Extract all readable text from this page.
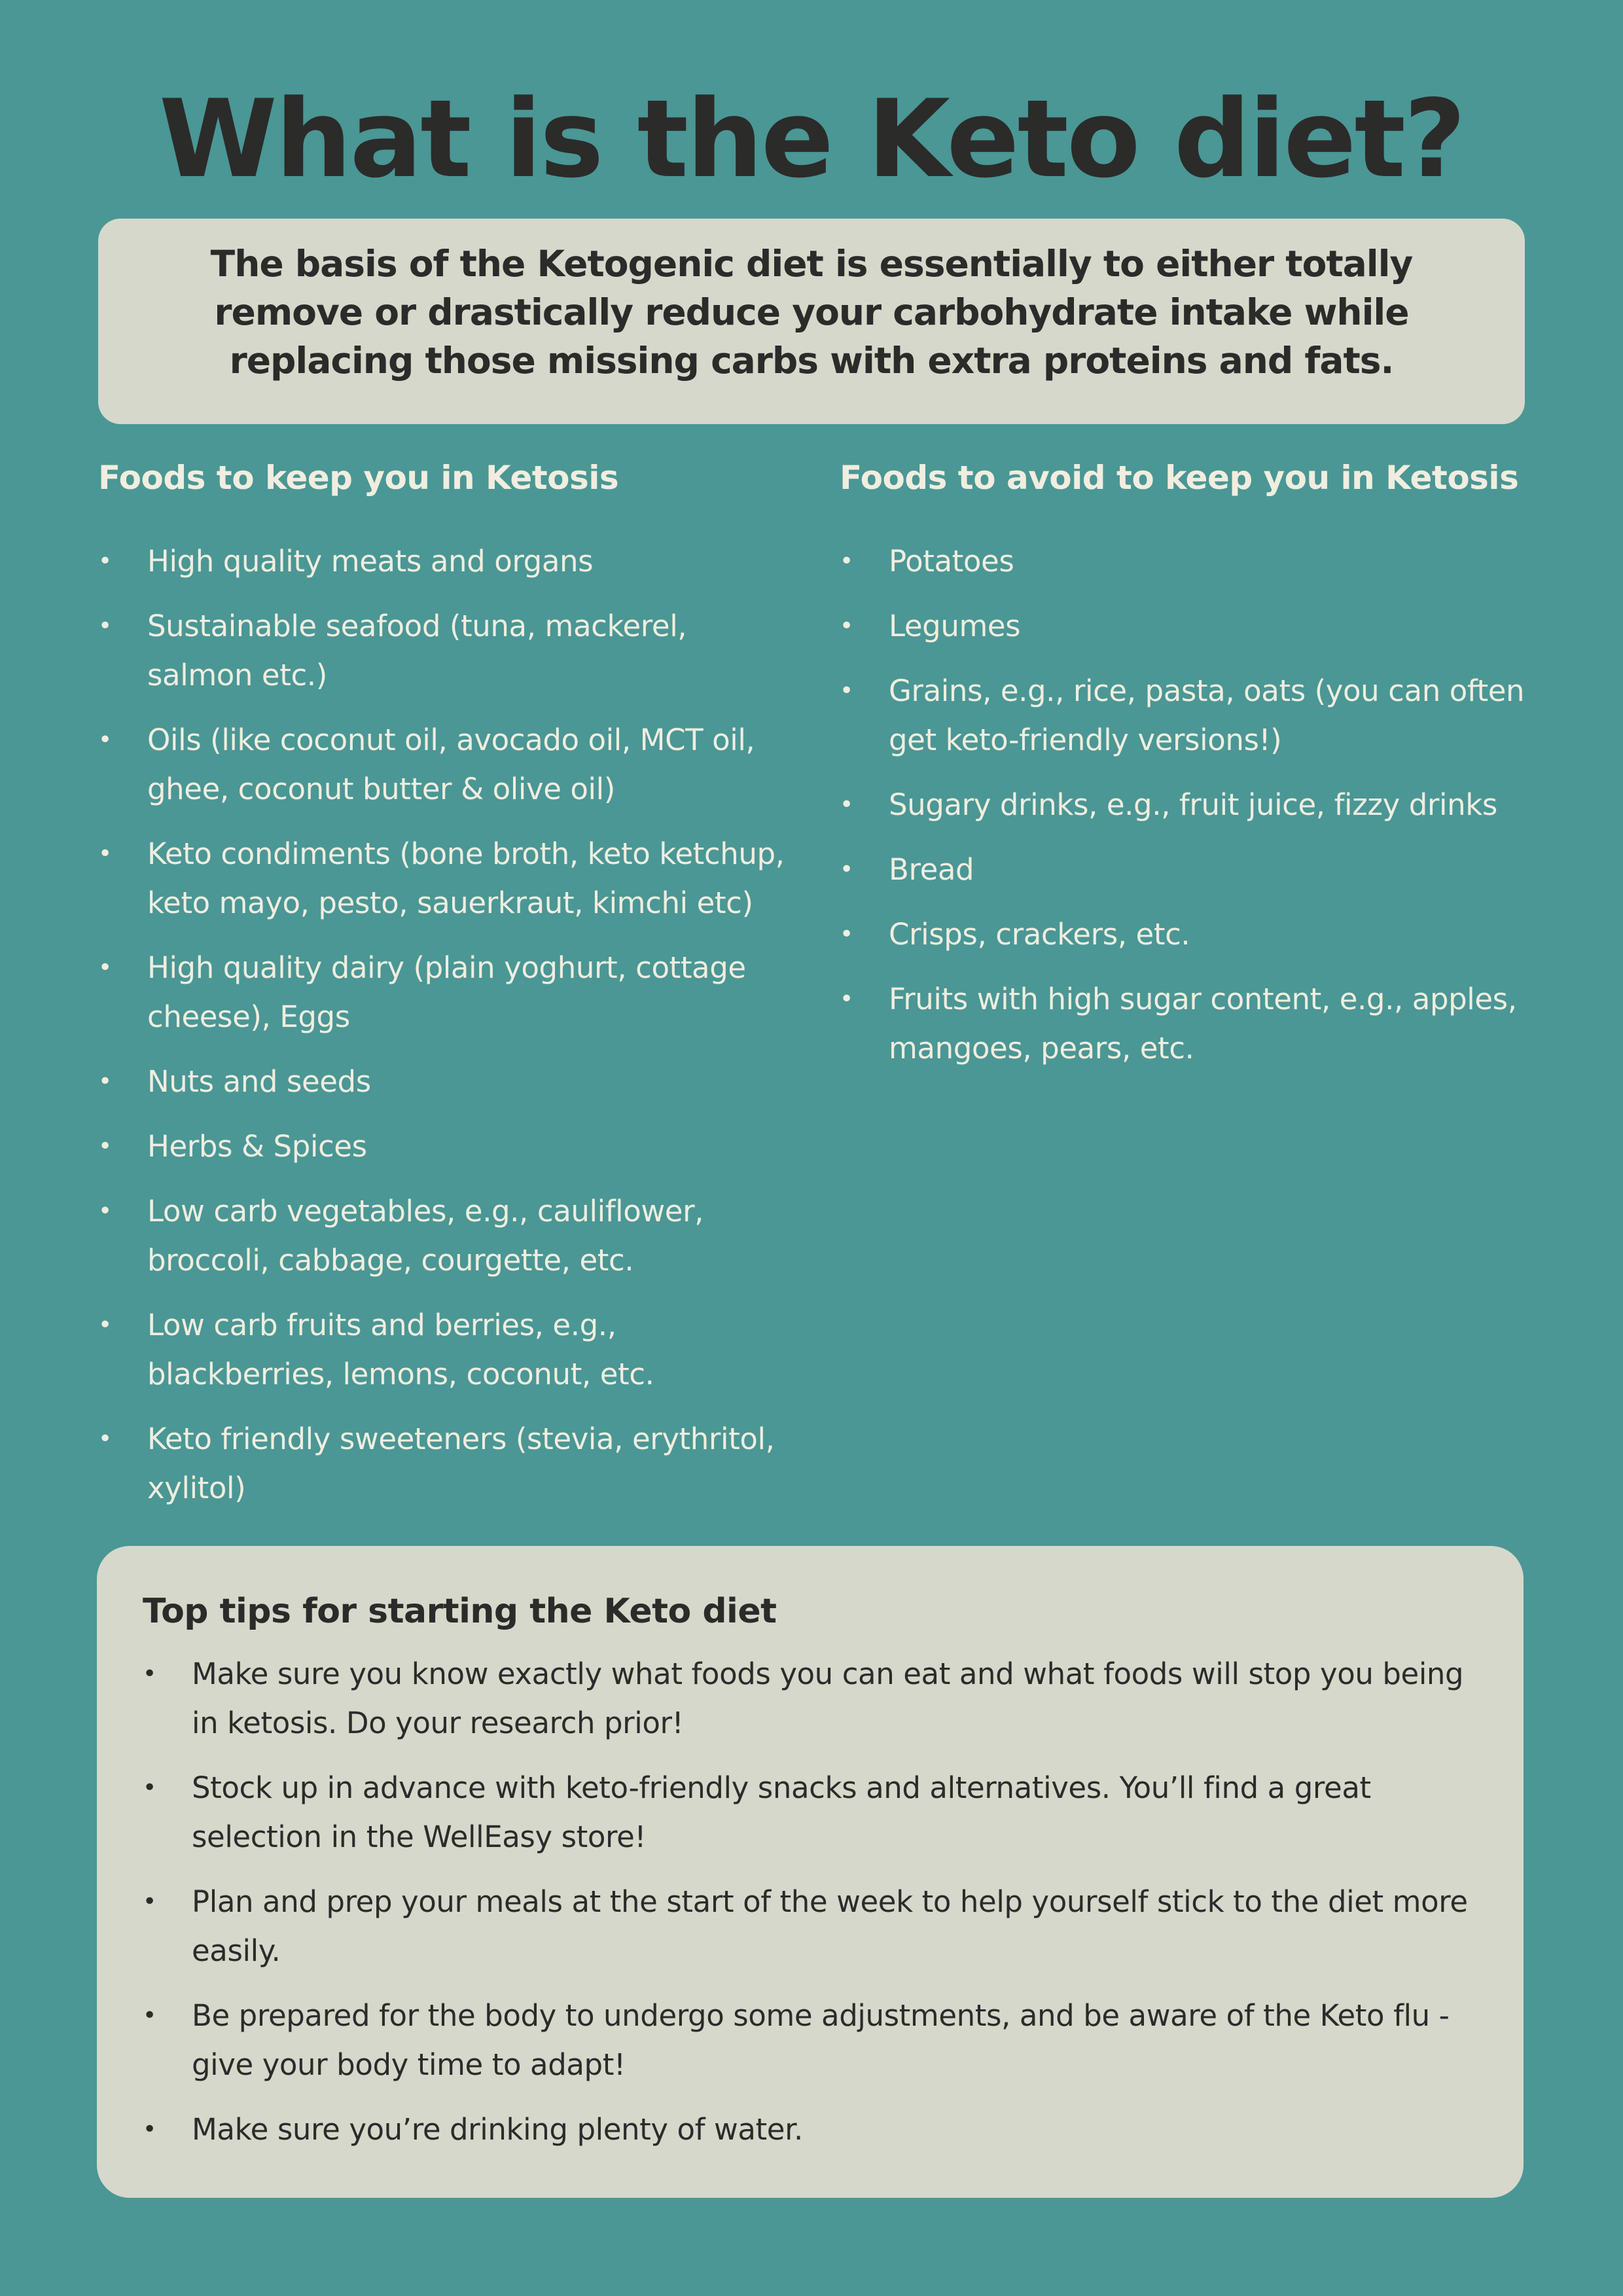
What is the Keto diet?

The basis of the Ketogenic diet is essentially to either totally remove or drastically reduce your carbohydrate intake while replacing those missing carbs with extra proteins and fats.

Foods to keep you in Ketosis
• High quality meats and organs
• Sustainable seafood (tuna, mackerel, salmon etc.)
• Oils (like coconut oil, avocado oil, MCT oil, ghee, coconut butter & olive oil)
• Keto condiments (bone broth, keto ketchup, keto mayo, pesto, sauerkraut, kimchi etc)
• High quality dairy (plain yoghurt, cottage cheese), Eggs
• Nuts and seeds
• Herbs & Spices
• Low carb vegetables, e.g., cauliflower, broccoli, cabbage, courgette, etc.
• Low carb fruits and berries, e.g., blackberries, lemons, coconut, etc.
• Keto friendly sweeteners (stevia, erythritol, xylitol)
Foods to avoid to keep you in Ketosis
• Potatoes
• Legumes
• Grains, e.g., rice, pasta, oats (you can often get keto-friendly versions!)
• Sugary drinks, e.g., fruit juice, fizzy drinks
• Bread
• Crisps, crackers, etc.
• Fruits with high sugar content, e.g., apples, mangoes, pears, etc.
Top tips for starting the Keto diet
• Make sure you know exactly what foods you can eat and what foods will stop you being in ketosis. Do your research prior!
• Stock up in advance with keto-friendly snacks and alternatives. You’ll find a great selection in the WellEasy store!
• Plan and prep your meals at the start of the week to help yourself stick to the diet more easily.
• Be prepared for the body to undergo some adjustments, and be aware of the Keto flu - give your body time to adapt!
• Make sure you’re drinking plenty of water.
